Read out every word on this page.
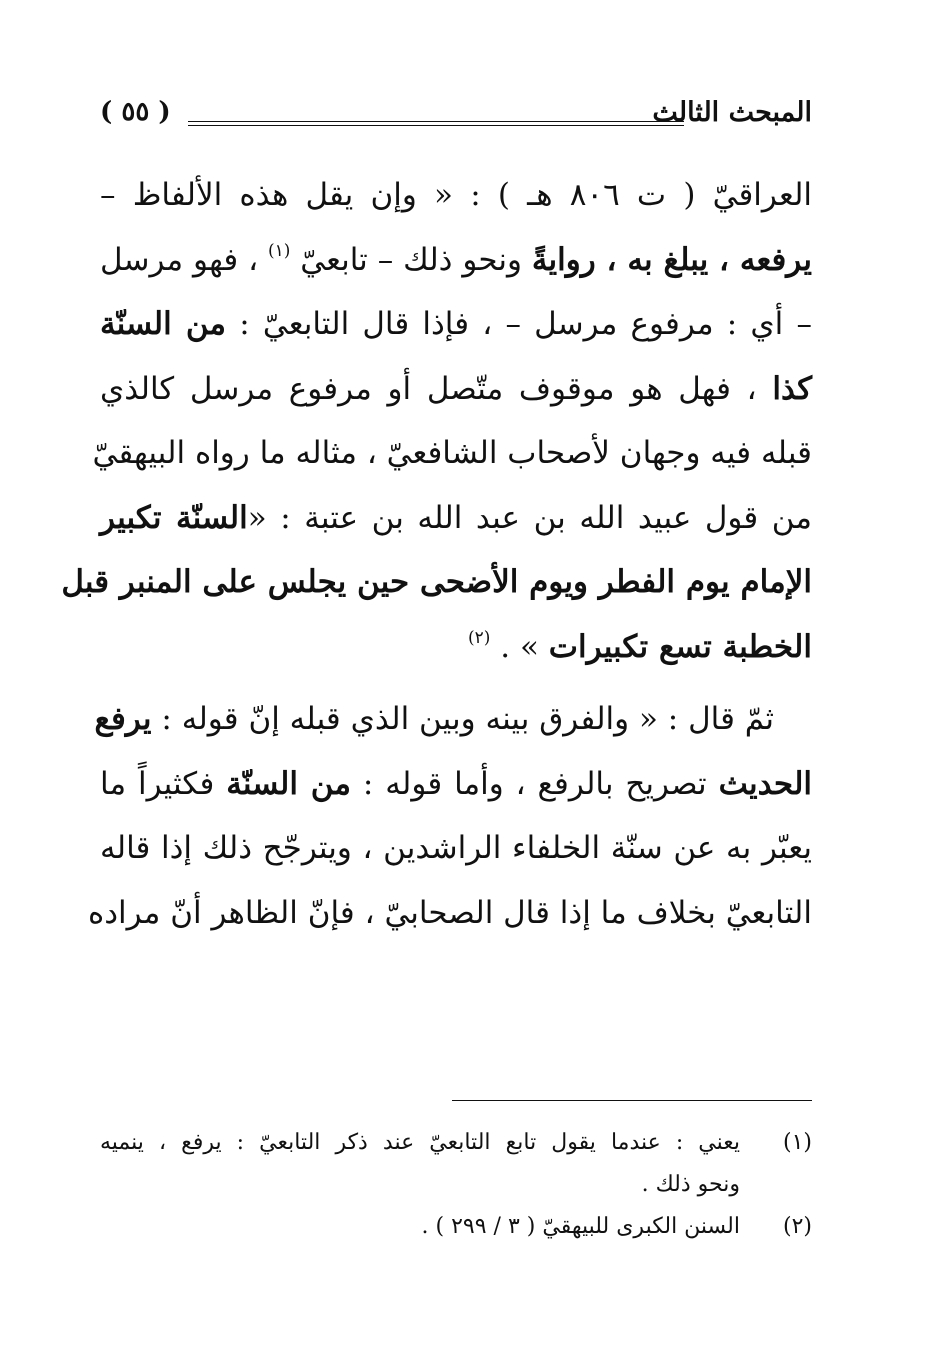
المبحث الثالث
( ٥٥ )
العراقيّ ( ت ٨٠٦ هـ ) : « وإن يقل هذه الألفاظ –
يرفعه ، يبلغ به ، روايةً ونحو ذلك – تابعيّ $^{(١)}$ ، فهو مرسل
– أي : مرفوع مرسل – ، فإذا قال التابعيّ : من السنّة
كذا ، فهل هو موقوف متّصل أو مرفوع مرسل كالذي
قبله فيه وجهان لأصحاب الشافعيّ ، مثاله ما رواه البيهقيّ
من قول عبيد الله بن عبد الله بن عتبة : «السنّة تكبير
الإمام يوم الفطر ويوم الأضحى حين يجلس على المنبر قبل
الخطبة تسع تكبيرات » . $^{(٢)}$
ثمّ قال : « والفرق بينه وبين الذي قبله إنّ قوله : يرفع
الحديث تصريح بالرفع ، وأما قوله : من السنّة فكثيراً ما
يعبّر به عن سنّة الخلفاء الراشدين ، ويترجّح ذلك إذا قاله
التابعيّ بخلاف ما إذا قال الصحابيّ ، فإنّ الظاهر أنّ مراده
(١)
يعني : عندما يقول تابع التابعيّ عند ذكر التابعيّ : يرفع ، ينميه
ونحو ذلك .
(٢)
السنن الكبرى للبيهقيّ ( ٣ / ٢٩٩ ) .
